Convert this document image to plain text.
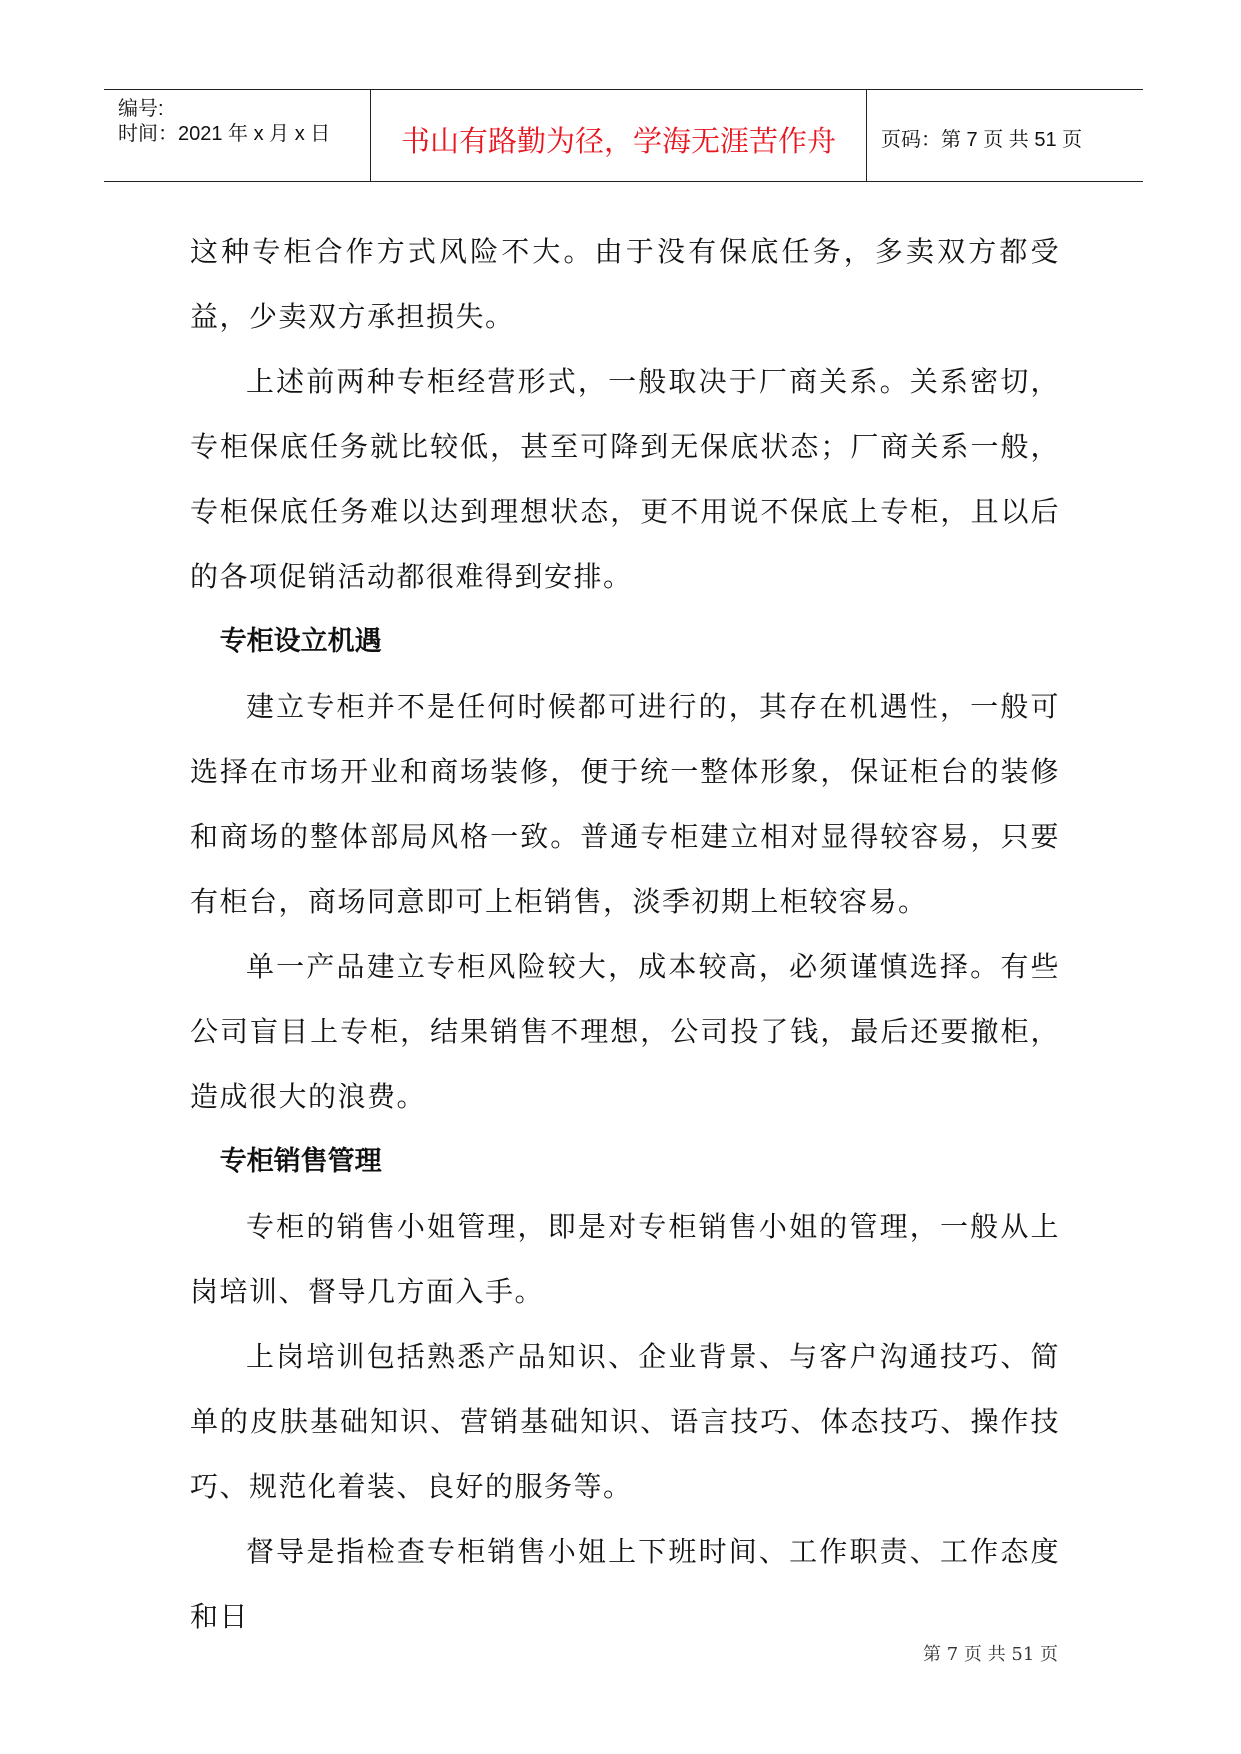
编号:
时间：2021 年 x 月 x 日	书山有路勤为径，学海无涯苦作舟	页码：第 7 页 共 51 页

这种专柜合作方式风险不大。由于没有保底任务，多卖双方都受益，少卖双方承担损失。

上述前两种专柜经营形式，一般取决于厂商关系。关系密切，专柜保底任务就比较低，甚至可降到无保底状态；厂商关系一般，专柜保底任务难以达到理想状态，更不用说不保底上专柜，且以后的各项促销活动都很难得到安排。

专柜设立机遇

建立专柜并不是任何时候都可进行的，其存在机遇性，一般可选择在市场开业和商场装修，便于统一整体形象，保证柜台的装修和商场的整体部局风格一致。普通专柜建立相对显得较容易，只要有柜台，商场同意即可上柜销售，淡季初期上柜较容易。

单一产品建立专柜风险较大，成本较高，必须谨慎选择。有些公司盲目上专柜，结果销售不理想，公司投了钱，最后还要撤柜，造成很大的浪费。

专柜销售管理

专柜的销售小姐管理，即是对专柜销售小姐的管理，一般从上岗培训、督导几方面入手。

上岗培训包括熟悉产品知识、企业背景、与客户沟通技巧、简单的皮肤基础知识、营销基础知识、语言技巧、体态技巧、操作技巧、规范化着装、良好的服务等。

督导是指检查专柜销售小姐上下班时间、工作职责、工作态度和日

第 7 页 共 51 页
